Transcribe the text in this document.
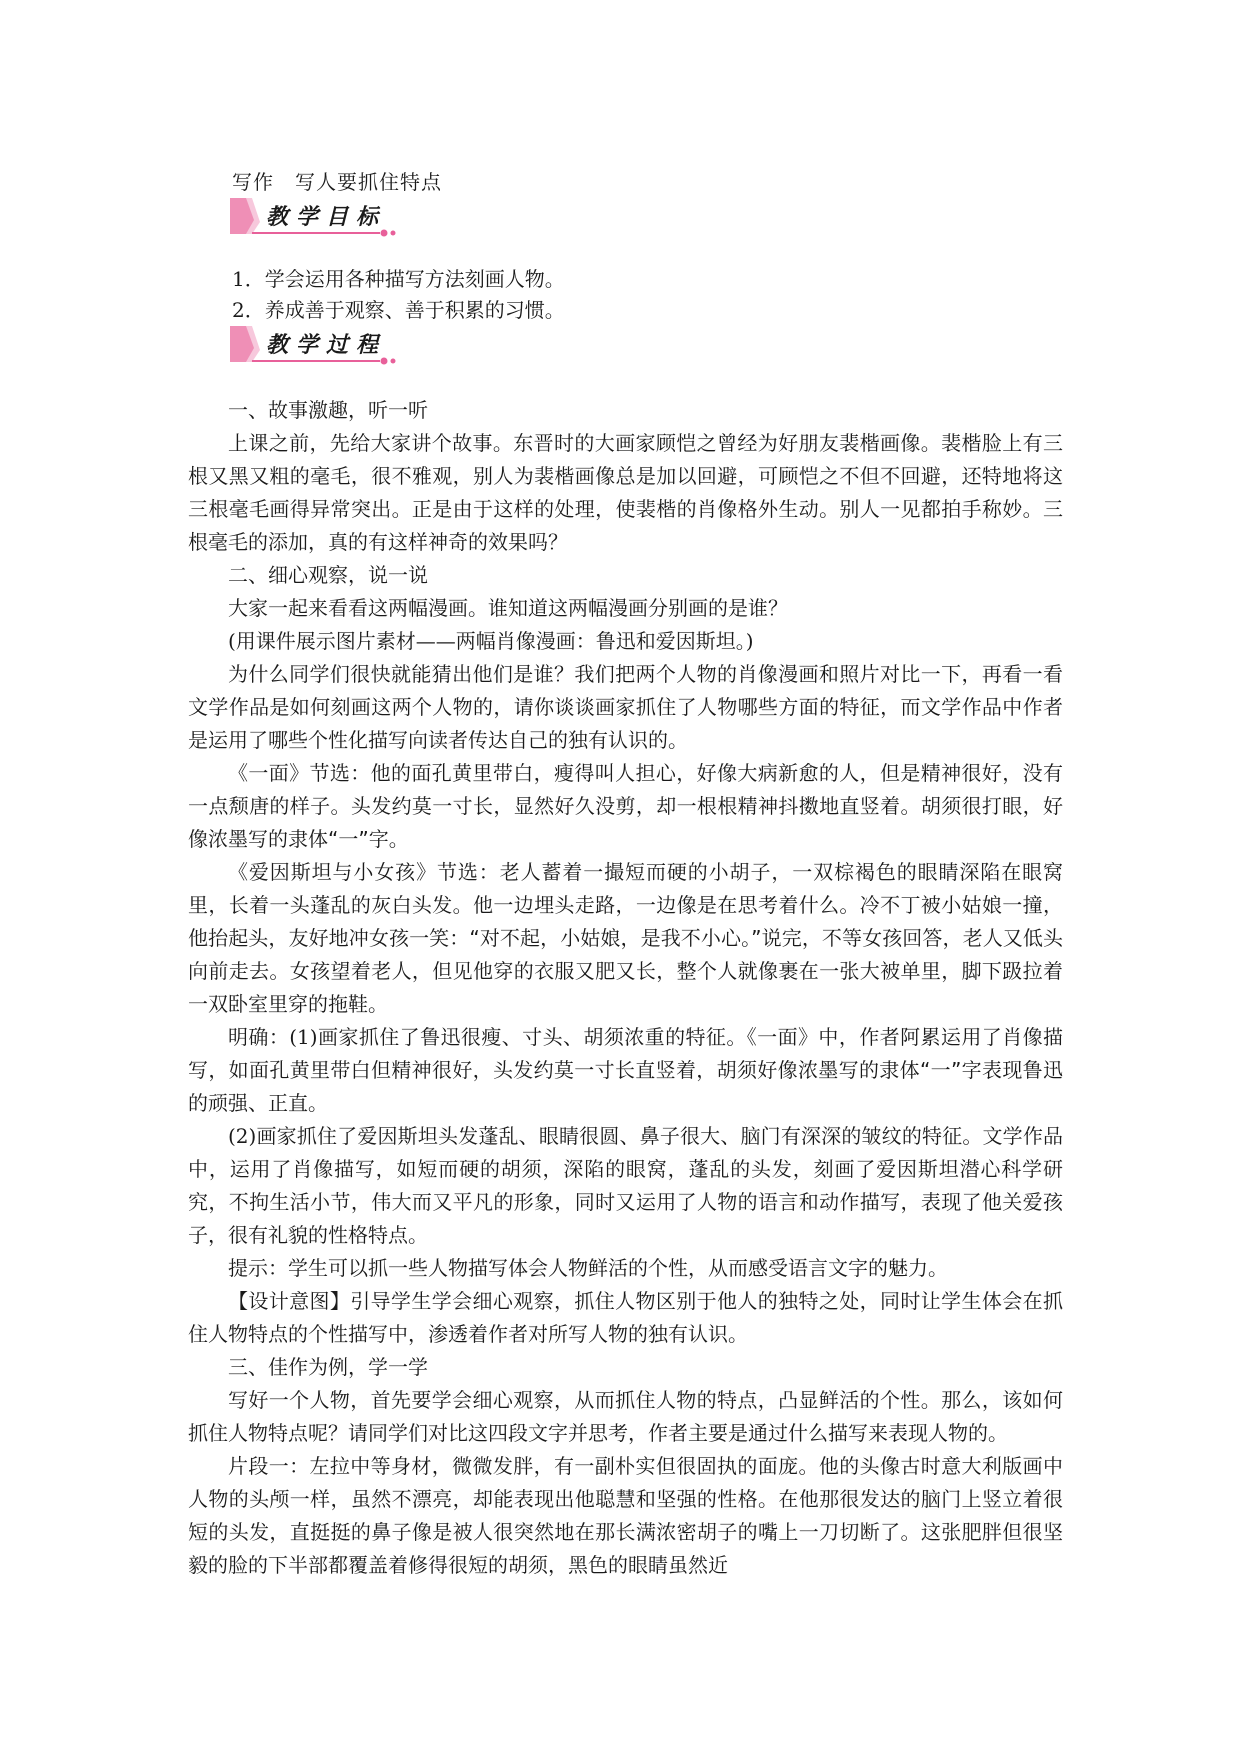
写作　写人要抓住特点
教学目标
1．学会运用各种描写方法刻画人物。
2．养成善于观察、善于积累的习惯。
教学过程

一、故事激趣，听一听

上课之前，先给大家讲个故事。东晋时的大画家顾恺之曾经为好朋友裴楷画像。裴楷脸上有三根又黑又粗的毫毛，很不雅观，别人为裴楷画像总是加以回避，可顾恺之不但不回避，还特地将这三根毫毛画得异常突出。正是由于这样的处理，使裴楷的肖像格外生动。别人一见都拍手称妙。三根毫毛的添加，真的有这样神奇的效果吗？

二、细心观察，说一说

大家一起来看看这两幅漫画。谁知道这两幅漫画分别画的是谁？

(用课件展示图片素材——两幅肖像漫画：鲁迅和爱因斯坦。)

为什么同学们很快就能猜出他们是谁？我们把两个人物的肖像漫画和照片对比一下，再看一看文学作品是如何刻画这两个人物的，请你谈谈画家抓住了人物哪些方面的特征，而文学作品中作者是运用了哪些个性化描写向读者传达自己的独有认识的。

《一面》节选：他的面孔黄里带白，瘦得叫人担心，好像大病新愈的人，但是精神很好，没有一点颓唐的样子。头发约莫一寸长，显然好久没剪，却一根根精神抖擞地直竖着。胡须很打眼，好像浓墨写的隶体“一”字。

《爱因斯坦与小女孩》节选：老人蓄着一撮短而硬的小胡子，一双棕褐色的眼睛深陷在眼窝里，长着一头蓬乱的灰白头发。他一边埋头走路，一边像是在思考着什么。冷不丁被小姑娘一撞，他抬起头，友好地冲女孩一笑：“对不起，小姑娘，是我不小心。”说完，不等女孩回答，老人又低头向前走去。女孩望着老人，但见他穿的衣服又肥又长，整个人就像裹在一张大被单里，脚下趿拉着一双卧室里穿的拖鞋。

明确：(1)画家抓住了鲁迅很瘦、寸头、胡须浓重的特征。《一面》中，作者阿累运用了肖像描写，如面孔黄里带白但精神很好，头发约莫一寸长直竖着，胡须好像浓墨写的隶体“一”字表现鲁迅的顽强、正直。

(2)画家抓住了爱因斯坦头发蓬乱、眼睛很圆、鼻子很大、脑门有深深的皱纹的特征。文学作品中，运用了肖像描写，如短而硬的胡须，深陷的眼窝，蓬乱的头发，刻画了爱因斯坦潜心科学研究，不拘生活小节，伟大而又平凡的形象，同时又运用了人物的语言和动作描写，表现了他关爱孩子，很有礼貌的性格特点。

提示：学生可以抓一些人物描写体会人物鲜活的个性，从而感受语言文字的魅力。

【设计意图】引导学生学会细心观察，抓住人物区别于他人的独特之处，同时让学生体会在抓住人物特点的个性描写中，渗透着作者对所写人物的独有认识。

三、佳作为例，学一学

写好一个人物，首先要学会细心观察，从而抓住人物的特点，凸显鲜活的个性。那么，该如何抓住人物特点呢？请同学们对比这四段文字并思考，作者主要是通过什么描写来表现人物的。

片段一：左拉中等身材，微微发胖，有一副朴实但很固执的面庞。他的头像古时意大利版画中人物的头颅一样，虽然不漂亮，却能表现出他聪慧和坚强的性格。在他那很发达的脑门上竖立着很短的头发，直挺挺的鼻子像是被人很突然地在那长满浓密胡子的嘴上一刀切断了。这张肥胖但很坚毅的脸的下半部都覆盖着修得很短的胡须，黑色的眼睛虽然近
